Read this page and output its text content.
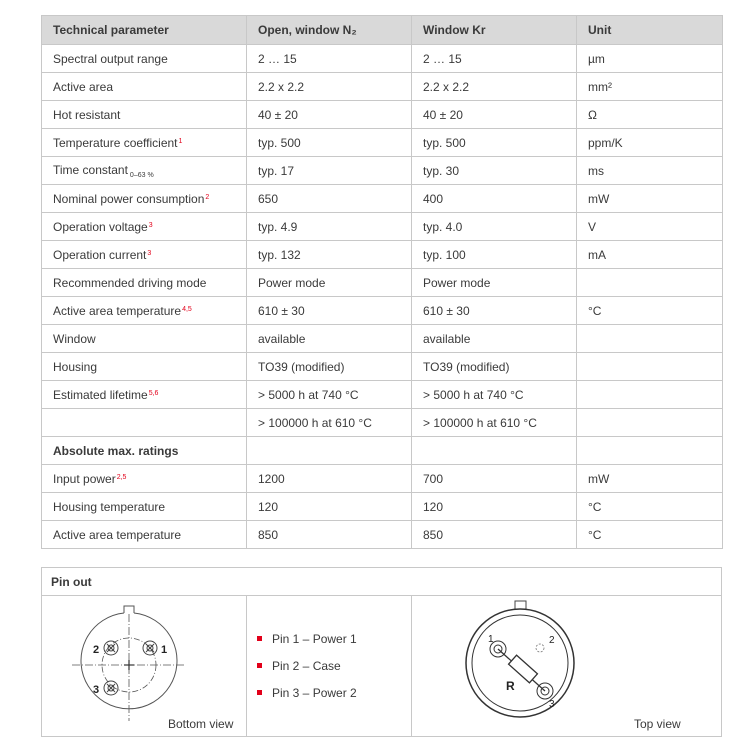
Technical parameter	Open, window N₂	Window Kr	Unit
Spectral output range	2 … 15	2 … 15	µm
Active area	2.2 x 2.2	2.2 x 2.2	mm²
Hot resistant	40 ± 20	40 ± 20	Ω
Temperature coefficient$^1$	typ. 500	typ. 500	ppm/K
Time constant $_{0-63 \%}$	typ. 17	typ. 30	ms
Nominal power consumption$^2$	650	400	mW
Operation voltage$^3$	typ. 4.9	typ. 4.0	V
Operation current$^3$	typ. 132	typ. 100	mA
Recommended driving mode	Power mode	Power mode	
Active area temperature$^{4,5}$	610 ± 30	610 ± 30	°C
Window	available	available	
Housing	TO39 (modified)	TO39 (modified)	
Estimated lifetime$^{5,6}$	> 5000 h at 740 °C	> 5000 h at 740 °C	
	> 100000 h at 610 °C	> 100000 h at 610 °C	
Absolute max. ratings			
Input power$^{2,5}$	1200	700	mW
Housing temperature	120	120	°C
Active area temperature	850	850	°C
Pin out
1
2
3
Bottom view
Pin 1 – Power 1
Pin 2 – Case
Pin 3 – Power 2	R
1	2
3
Top view
